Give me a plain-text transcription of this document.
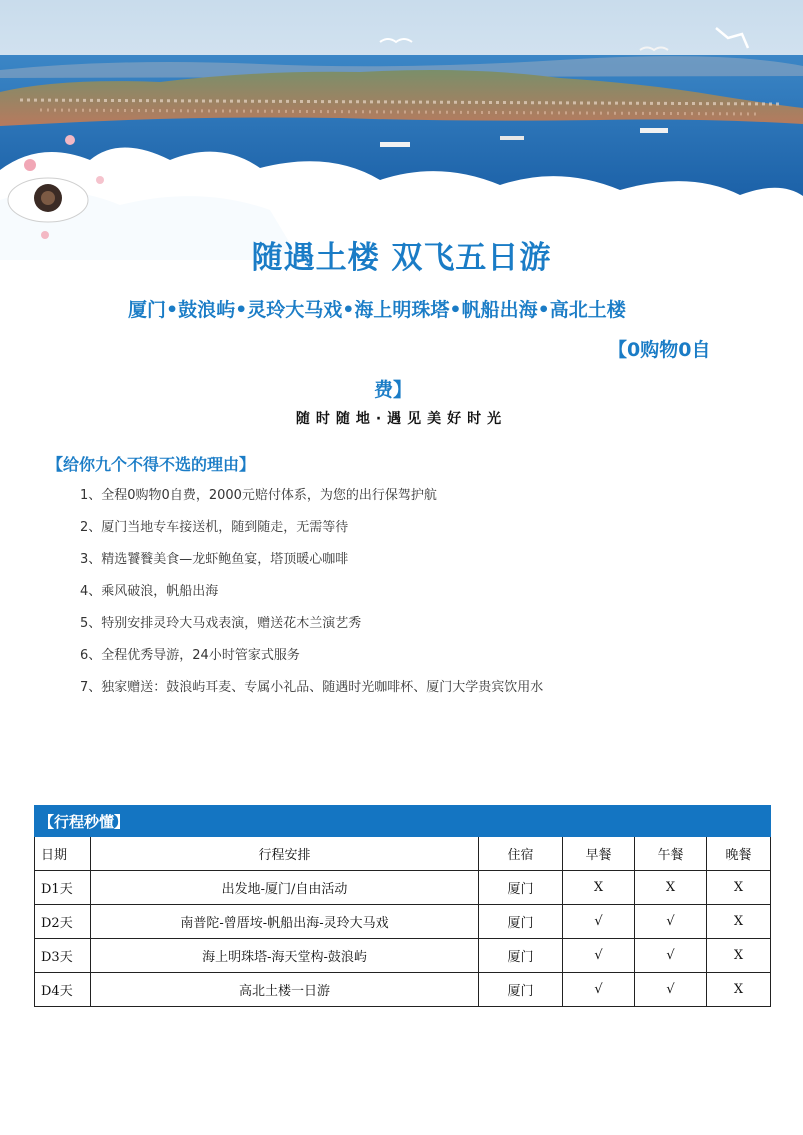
随遇土楼 双飞五日游
厦门•鼓浪屿•灵玲大马戏•海上明珠塔•帆船出海•高北土楼
【0购物0自
费】
随时随地·遇见美好时光
【给你九个不得不选的理由】
1、全程0购物0自费，2000元赔付体系，为您的出行保驾护航
2、厦门当地专车接送机，随到随走，无需等待
3、精选饕餮美食—龙虾鲍鱼宴，塔顶暖心咖啡
4、乘风破浪，帆船出海
5、特别安排灵玲大马戏表演，赠送花木兰演艺秀
6、全程优秀导游，24小时管家式服务
7、独家赠送：鼓浪屿耳麦、专属小礼品、随遇时光咖啡杯、厦门大学贵宾饮用水
【行程秒懂】					
日期	行程安排	住宿	早餐	午餐	晚餐
D1天	出发地-厦门/自由活动	厦门	X	X	X
D2天	南普陀-曾厝垵-帆船出海-灵玲大马戏	厦门	√	√	X
D3天	海上明珠塔-海天堂构-鼓浪屿	厦门	√	√	X
D4天	高北土楼一日游	厦门	√	√	X
